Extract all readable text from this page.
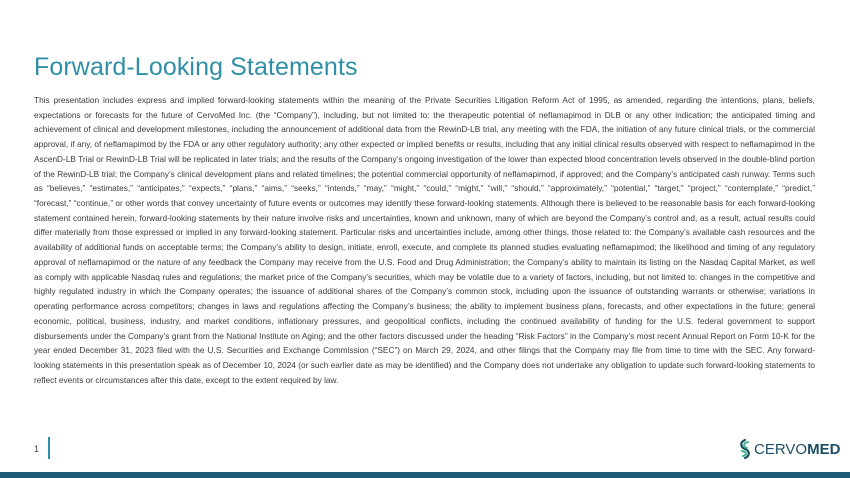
Forward-Looking Statements

This presentation includes express and implied forward-looking statements within the meaning of the Private Securities Litigation Reform Act of 1995, as amended, regarding the intentions, plans, beliefs, expectations or forecasts for the future of CervoMed Inc. (the “Company”), including, but not limited to: the therapeutic potential of neflamapimod in DLB or any other indication; the anticipated timing and achievement of clinical and development milestones, including the announcement of additional data from the RewinD-LB trial, any meeting with the FDA, the initiation of any future clinical trials, or the commercial approval, if any, of neflamapimod by the FDA or any other regulatory authority; any other expected or implied benefits or results, including that any initial clinical results observed with respect to neflamapimod in the AscenD-LB Trial or RewinD-LB Trial will be replicated in later trials; and the results of the Company’s ongoing investigation of the lower than expected blood concentration levels observed in the double-blind portion of the RewinD-LB trial; the Company’s clinical development plans and related timelines; the potential commercial opportunity of neflamapimod, if approved; and the Company’s anticipated cash runway. Terms such as “believes,” “estimates,” “anticipates,” “expects,” “plans,” “aims,” “seeks,” “intends,” “may,” “might,” “could,” “might,” “will,” “should,” “approximately,” “potential,” “target,” “project,” “contemplate,” “predict,” “forecast,” “continue,” or other words that convey uncertainty of future events or outcomes may identify these forward-looking statements. Although there is believed to be reasonable basis for each forward-looking statement contained herein, forward-looking statements by their nature involve risks and uncertainties, known and unknown, many of which are beyond the Company’s control and, as a result, actual results could differ materially from those expressed or implied in any forward-looking statement. Particular risks and uncertainties include, among other things, those related to: the Company’s available cash resources and the availability of additional funds on acceptable terms; the Company’s ability to design, initiate, enroll, execute, and complete its planned studies evaluating neflamapimod; the likelihood and timing of any regulatory approval of neflamapimod or the nature of any feedback the Company may receive from the U.S. Food and Drug Administration; the Company’s ability to maintain its listing on the Nasdaq Capital Market, as well as comply with applicable Nasdaq rules and regulations; the market price of the Company’s securities, which may be volatile due to a variety of factors, including, but not limited to: changes in the competitive and highly regulated industry in which the Company operates; the issuance of additional shares of the Company’s common stock, including upon the issuance of outstanding warrants or otherwise; variations in operating performance across competitors; changes in laws and regulations affecting the Company’s business; the ability to implement business plans, forecasts, and other expectations in the future; general economic, political, business, industry, and market conditions, inflationary pressures, and geopolitical conflicts, including the continued availability of funding for the U.S. federal government to support disbursements under the Company’s grant from the National Institute on Aging; and the other factors discussed under the heading “Risk Factors” in the Company’s most recent Annual Report on Form 10-K for the year ended December 31, 2023 filed with the U.S. Securities and Exchange Commission (“SEC”) on March 29, 2024, and other filings that the Company may file from time to time with the SEC. Any forward-looking statements in this presentation speak as of December 10, 2024 (or such earlier date as may be identified) and the Company does not undertake any obligation to update such forward-looking statements to reflect events or circumstances after this date, except to the extent required by law.

1	CERVOMED
